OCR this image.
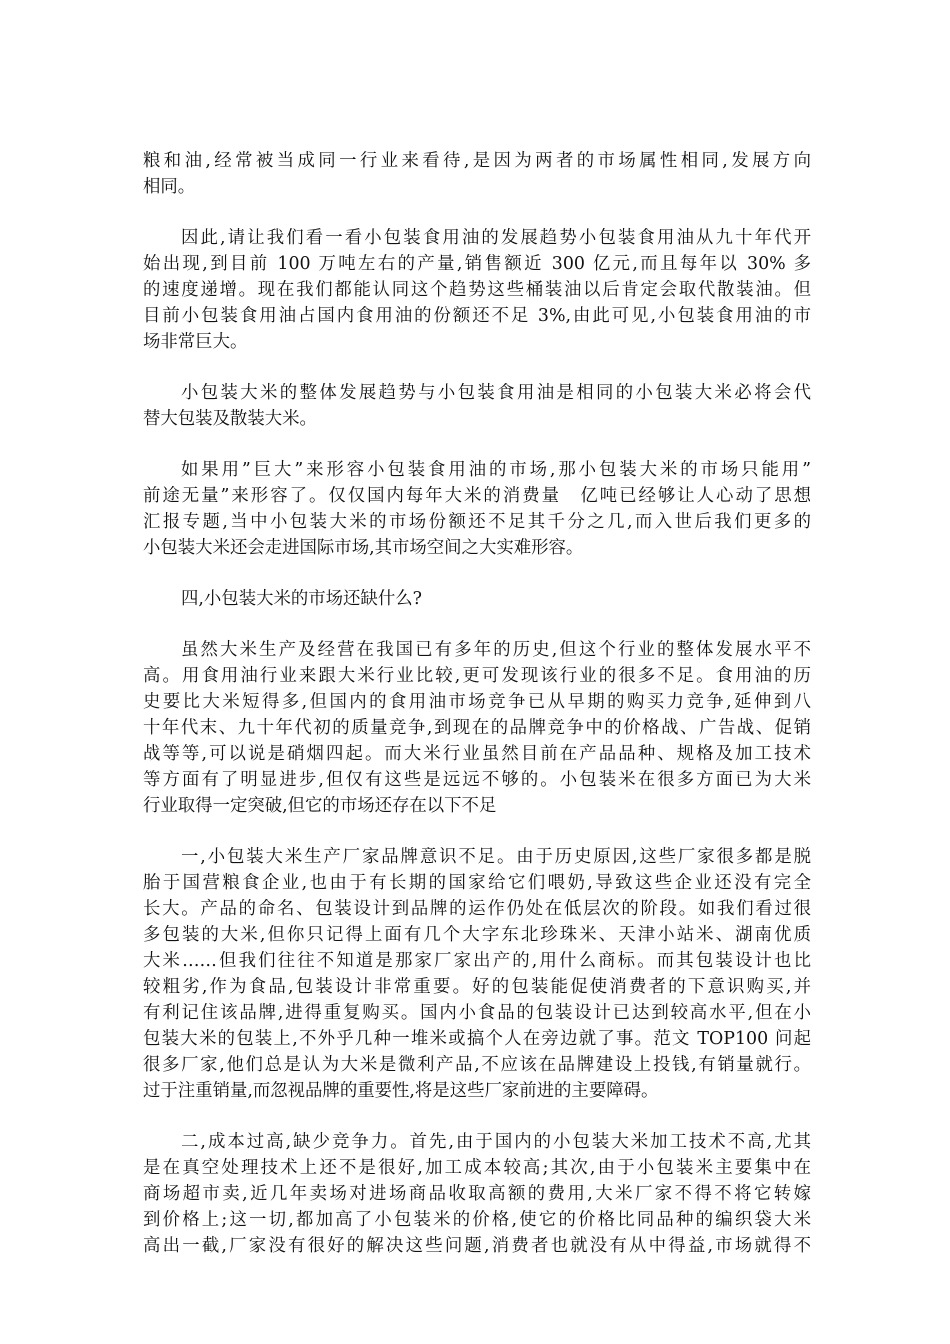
粮和油,经常被当成同一行业来看待,是因为两者的市场属性相同,发展方向
相同。
因此,请让我们看一看小包装食用油的发展趋势小包装食用油从九十年代开
始出现,到目前 100 万吨左右的产量,销售额近 300 亿元,而且每年以 30% 多
的速度递增。现在我们都能认同这个趋势这些桶装油以后肯定会取代散装油。但
目前小包装食用油占国内食用油的份额还不足 3%,由此可见,小包装食用油的市
场非常巨大。
小包装大米的整体发展趋势与小包装食用油是相同的小包装大米必将会代
替大包装及散装大米。
如果用”巨大”来形容小包装食用油的市场,那小包装大米的市场只能用”
前途无量”来形容了。仅仅国内每年大米的消费量　亿吨已经够让人心动了思想
汇报专题,当中小包装大米的市场份额还不足其千分之几,而入世后我们更多的
小包装大米还会走进国际市场,其市场空间之大实难形容。
四,小包装大米的市场还缺什么?
虽然大米生产及经营在我国已有多年的历史,但这个行业的整体发展水平不
高。用食用油行业来跟大米行业比较,更可发现该行业的很多不足。食用油的历
史要比大米短得多,但国内的食用油市场竞争已从早期的购买力竞争,延伸到八
十年代末、九十年代初的质量竞争,到现在的品牌竞争中的价格战、广告战、促销
战等等,可以说是硝烟四起。而大米行业虽然目前在产品品种、规格及加工技术
等方面有了明显进步,但仅有这些是远远不够的。小包装米在很多方面已为大米
行业取得一定突破,但它的市场还存在以下不足
一,小包装大米生产厂家品牌意识不足。由于历史原因,这些厂家很多都是脱
胎于国营粮食企业,也由于有长期的国家给它们喂奶,导致这些企业还没有完全
长大。产品的命名、包装设计到品牌的运作仍处在低层次的阶段。如我们看过很
多包装的大米,但你只记得上面有几个大字东北珍珠米、天津小站米、湖南优质
大米……但我们往往不知道是那家厂家出产的,用什么商标。而其包装设计也比
较粗劣,作为食品,包装设计非常重要。好的包装能促使消费者的下意识购买,并
有利记住该品牌,进得重复购买。国内小食品的包装设计已达到较高水平,但在小
包装大米的包装上,不外乎几种一堆米或搞个人在旁边就了事。范文 TOP100 问起
很多厂家,他们总是认为大米是微利产品,不应该在品牌建设上投钱,有销量就行。
过于注重销量,而忽视品牌的重要性,将是这些厂家前进的主要障碍。
二,成本过高,缺少竞争力。首先,由于国内的小包装大米加工技术不高,尤其
是在真空处理技术上还不是很好,加工成本较高;其次,由于小包装米主要集中在
商场超市卖,近几年卖场对进场商品收取高额的费用,大米厂家不得不将它转嫁
到价格上;这一切,都加高了小包装米的价格,使它的价格比同品种的编织袋大米
高出一截,厂家没有很好的解决这些问题,消费者也就没有从中得益,市场就得不
